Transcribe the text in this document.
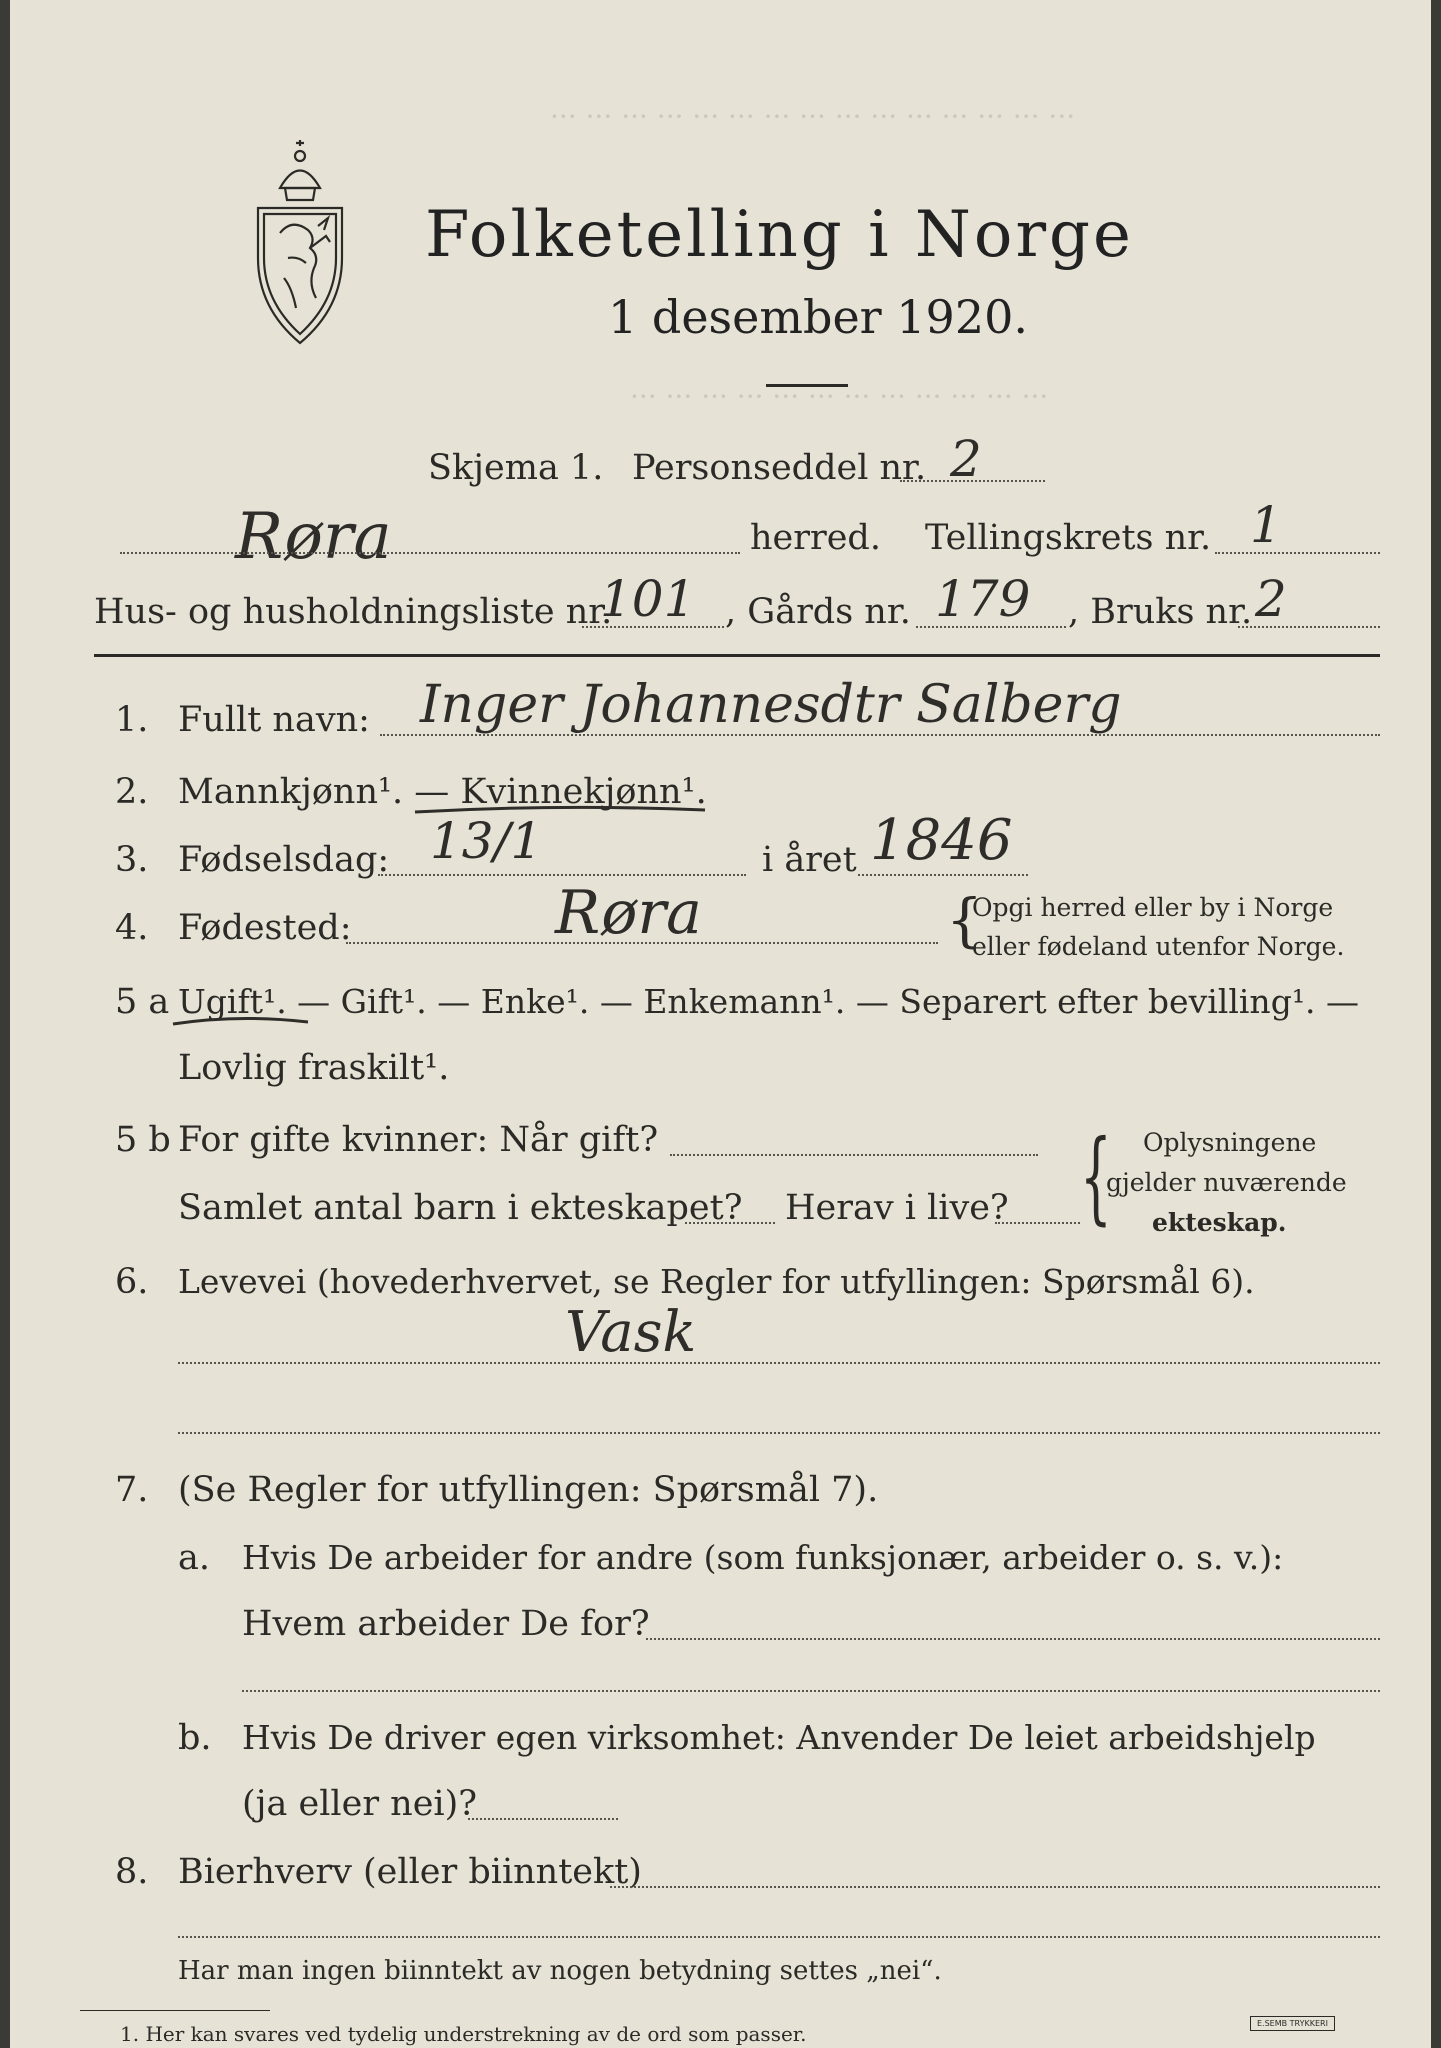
··· ··· ··· ··· ··· ··· ··· ··· ··· ··· ··· ··· ··· ··· ···
··· ··· ··· ··· ··· ··· ··· ··· ··· ··· ··· ···
Folketelling i Norge
1 desember 1920.
Skjema 1. Personseddel nr. 2
Røra	herred. Tellingskrets nr. 1
Hus- og husholdningsliste nr.
101 , Gårds nr. 179 , Bruks nr. 2
1. Fullt navn: Inger Johannesdtr Salberg
2. Mannkjønn¹. — Kvinnekjønn¹.
3. Fødselsdag: 13/1	i året 1846
4. Fødested:	Røra	{
Opgi herred eller by i Norge
eller fødeland utenfor Norge.
5 a Ugift¹. — Gift¹. — Enke¹. — Enkemann¹. — Separert efter bevilling¹. —
Lovlig fraskilt¹.
5 b For gifte kvinner: Når gift?
Samlet antal barn i ekteskapet? Herav i live? { Oplysningene
gjelder nuværende
ekteskap.
6. Levevei (hovederhvervet, se Regler for utfyllingen: Spørsmål 6).
Vask
7. (Se Regler for utfyllingen: Spørsmål 7).
a. Hvis De arbeider for andre (som funksjonær, arbeider o. s. v.):
Hvem arbeider De for?
b. Hvis De driver egen virksomhet: Anvender De leiet arbeidshjelp
(ja eller nei)?
8. Bierhverv (eller biinntekt)
Har man ingen biinntekt av nogen betydning settes „nei“.
1. Her kan svares ved tydelig understrekning av de ord som passer.	E.SEMB TRYKKERI
